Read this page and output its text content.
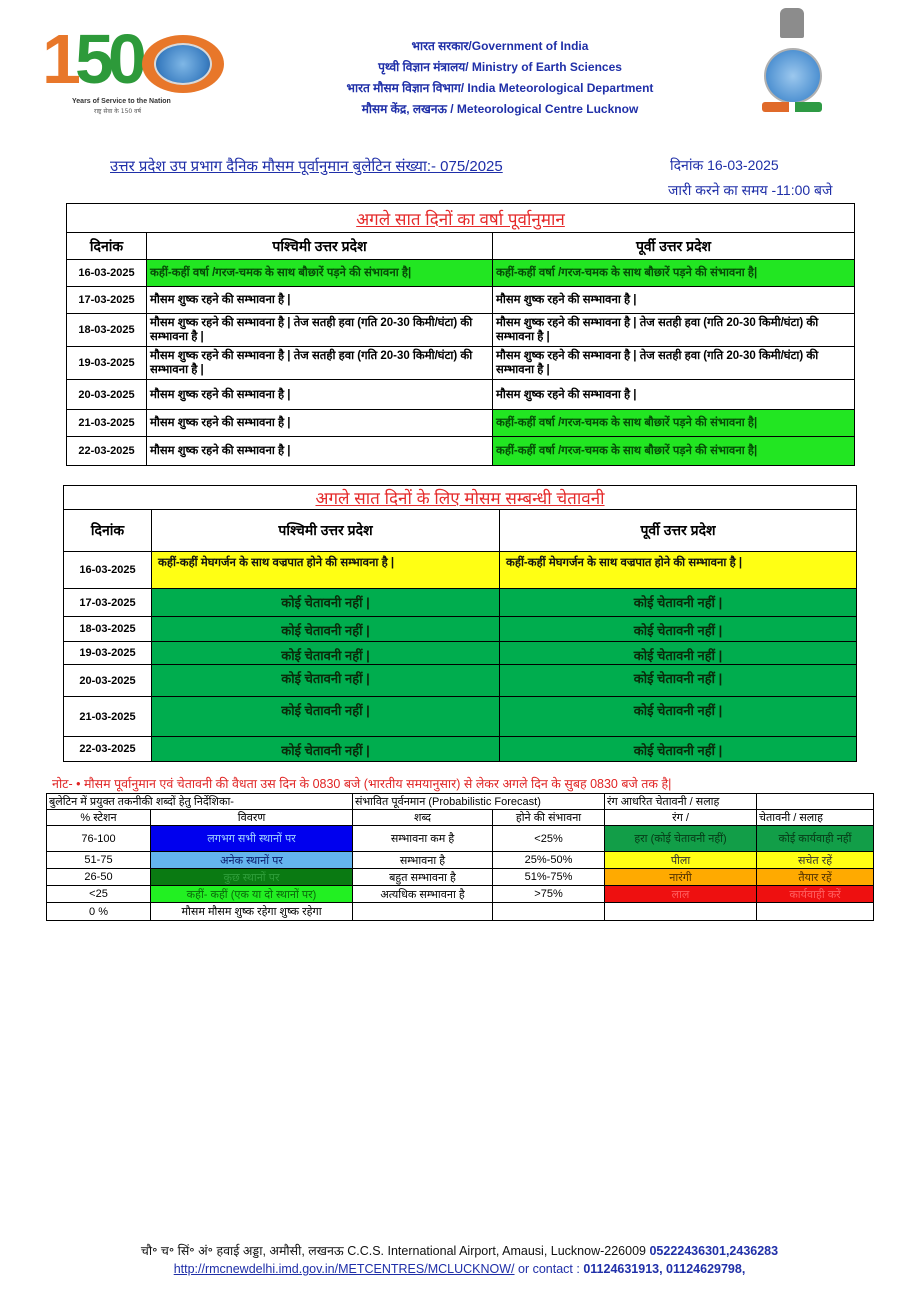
150
Years of Service to the Nation
राष्ट्र सेवा के 150 वर्ष
भारत सरकार/Government of India
पृथ्वी विज्ञान मंत्रालय/ Ministry of Earth Sciences
भारत मौसम विज्ञान विभाग/ India Meteorological Department
मौसम केंद्र, लखनऊ / Meteorological Centre Lucknow
उत्तर प्रदेश उप प्रभाग दैनिक मौसम पूर्वानुमान बुलेटिन संख्या:- 075/2025	दिनांक 16-03-2025
जारी करने का समय -11:00 बजे
अगले सात दिनों का वर्षा पूर्वानुमान		
दिनांक	पश्चिमी उत्तर प्रदेश	पूर्वी उत्तर प्रदेश
16-03-2025	कहीं-कहीं वर्षा /गरज-चमक के साथ बौछारें पड़ने की संभावना है|	कहीं-कहीं वर्षा /गरज-चमक के साथ बौछारें पड़ने की संभावना है|
17-03-2025	मौसम शुष्क रहने की सम्भावना है |	मौसम शुष्क रहने की सम्भावना है |
18-03-2025	मौसम शुष्क रहने की सम्भावना है | तेज सतही हवा (गति 20-30 किमी/घंटा) की सम्भावना है |	मौसम शुष्क रहने की सम्भावना है | तेज सतही हवा (गति 20-30 किमी/घंटा) की सम्भावना है |
19-03-2025	मौसम शुष्क रहने की सम्भावना है | तेज सतही हवा (गति 20-30 किमी/घंटा) की सम्भावना है |	मौसम शुष्क रहने की सम्भावना है | तेज सतही हवा (गति 20-30 किमी/घंटा) की सम्भावना है |
20-03-2025	मौसम शुष्क रहने की सम्भावना है |	मौसम शुष्क रहने की सम्भावना है |
21-03-2025	मौसम शुष्क रहने की सम्भावना है |	कहीं-कहीं वर्षा /गरज-चमक के साथ बौछारें पड़ने की संभावना है|
22-03-2025	मौसम शुष्क रहने की सम्भावना है |	कहीं-कहीं वर्षा /गरज-चमक के साथ बौछारें पड़ने की संभावना है|
अगले सात दिनों के लिए मोसम सम्बन्धी चेतावनी		
दिनांक	पश्चिमी उत्तर प्रदेश	पूर्वी उत्तर प्रदेश
16-03-2025	कहीं-कहीं मेघगर्जन के साथ वज्रपात होने की सम्भावना है |	कहीं-कहीं मेघगर्जन के साथ वज्रपात होने की सम्भावना है |
17-03-2025	कोई चेतावनी नहीं |	कोई चेतावनी नहीं |
18-03-2025	कोई चेतावनी नहीं |	कोई चेतावनी नहीं |
19-03-2025	कोई चेतावनी नहीं |	कोई चेतावनी नहीं |
20-03-2025	कोई चेतावनी नहीं |	कोई चेतावनी नहीं |
21-03-2025	कोई चेतावनी नहीं |	कोई चेतावनी नहीं |
22-03-2025	कोई चेतावनी नहीं |	कोई चेतावनी नहीं |
नोट- • मौसम पूर्वानुमान एवं चेतावनी की वैधता उस दिन के 0830 बजे (भारतीय समयानुसार) से लेकर अगले दिन के सुबह 0830 बजे तक है|
बुलेटिन में प्रयुक्त तकनीकी शब्दों हेतु निर्देशिका-		संभावित पूर्वनमान (Probabilistic Forecast)		रंग आधरित चेतावनी / सलाह	
% स्टेशन	विवरण	शब्द	होने की संभावना	रंग /	चेतावनी / सलाह
76-100	लगभग सभी स्थानों पर	सम्भावना कम है	<25%	हरा (कोई चेतावनी नहीं)	कोई कार्यवाही नहीं
51-75	अनेक स्थानों पर	सम्भावना है	25%-50%	पीला	सचेत रहें
26-50	कुछ स्थानों पर	बहुत सम्भावना है	51%-75%	नारंगी	तैयार रहें
<25	कहीं- कहीं (एक या दो स्थानों पर)	अत्यधिक सम्भावना है	>75%	लाल	कार्यवाही करें
0 %	मौसम मौसम शुष्क रहेगा शुष्क रहेगा				
चौ॰ च॰ सिं॰ अं॰ हवाई अड्डा, अमौसी, लखनऊ C.C.S. International Airport, Amausi, Lucknow-226009 05222436301,2436283
http://rmcnewdelhi.imd.gov.in/METCENTRES/MCLUCKNOW/ or contact : 01124631913, 01124629798,
